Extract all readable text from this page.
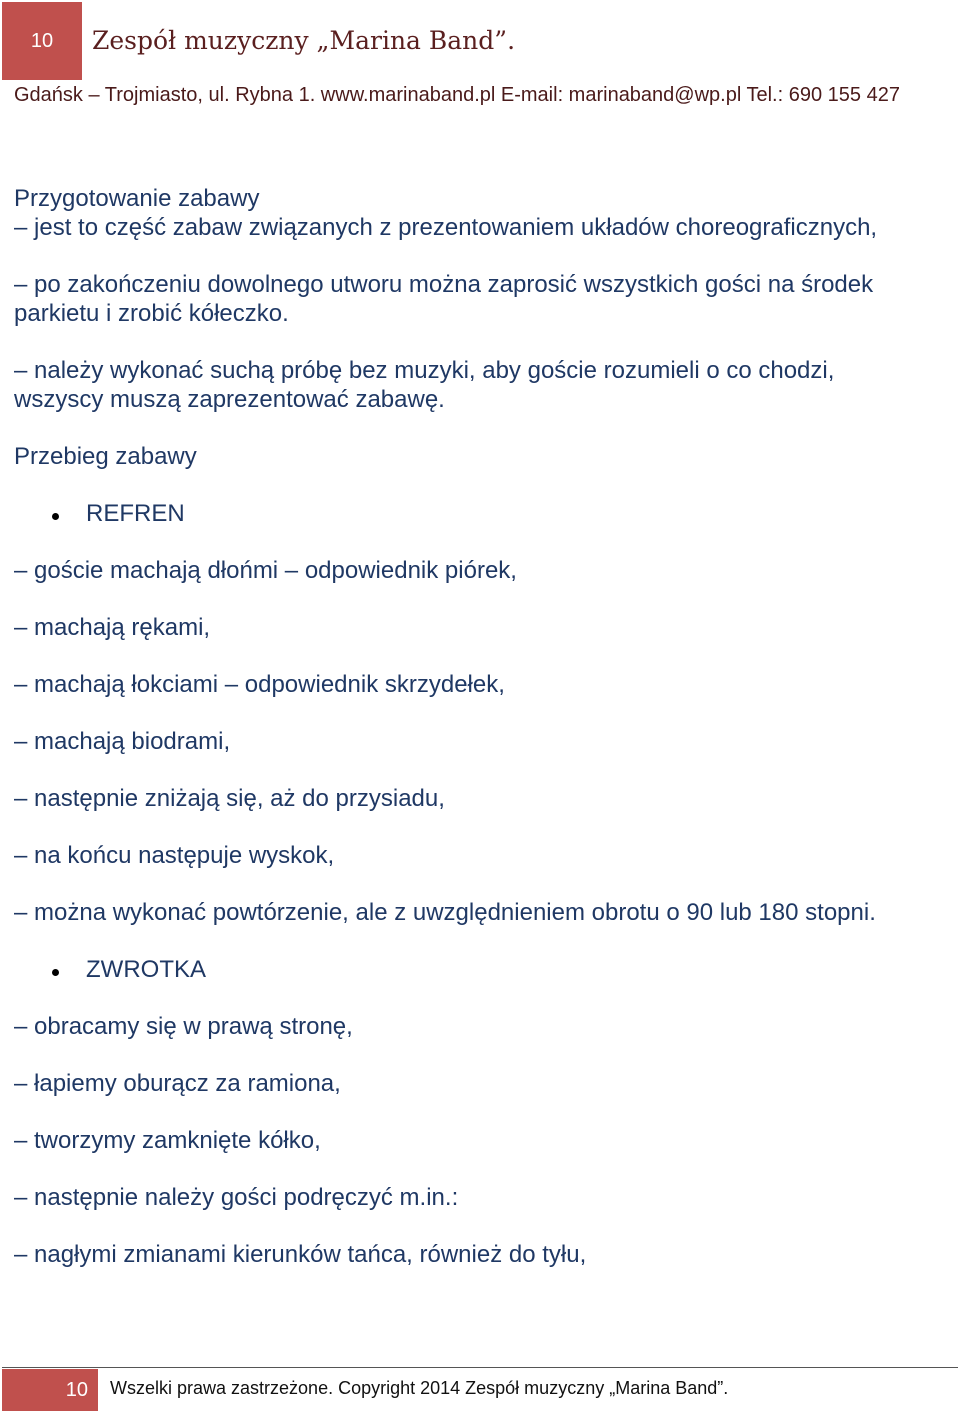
10	Zespół muzyczny „Marina Band”.
Gdańsk – Trojmiasto, ul. Rybna 1. www.marinaband.pl E-mail: marinaband@wp.pl Tel.: 690 155 427

Przygotowanie zabawy

– jest to część zabaw związanych z prezentowaniem układów choreograficznych,

– po zakończeniu dowolnego utworu można zaprosić wszystkich gości na środek

parkietu i zrobić kółeczko.

– należy wykonać suchą próbę bez muzyki, aby goście rozumieli o co chodzi,

wszyscy muszą zaprezentować zabawę.

Przebieg zabawy

REFREN

– goście machają dłońmi – odpowiednik piórek,

– machają rękami,

– machają łokciami – odpowiednik skrzydełek,

– machają biodrami,

– następnie zniżają się, aż do przysiadu,

– na końcu następuje wyskok,

– można wykonać powtórzenie, ale z uwzględnieniem obrotu o 90 lub 180 stopni.

ZWROTKA

– obracamy się w prawą stronę,

– łapiemy oburącz za ramiona,

– tworzymy zamknięte kółko,

– następnie należy gości podręczyć m.in.:

– nagłymi zmianami kierunków tańca, również do tyłu,

10 Wszelki prawa zastrzeżone. Copyright 2014 Zespół muzyczny „Marina Band”.
